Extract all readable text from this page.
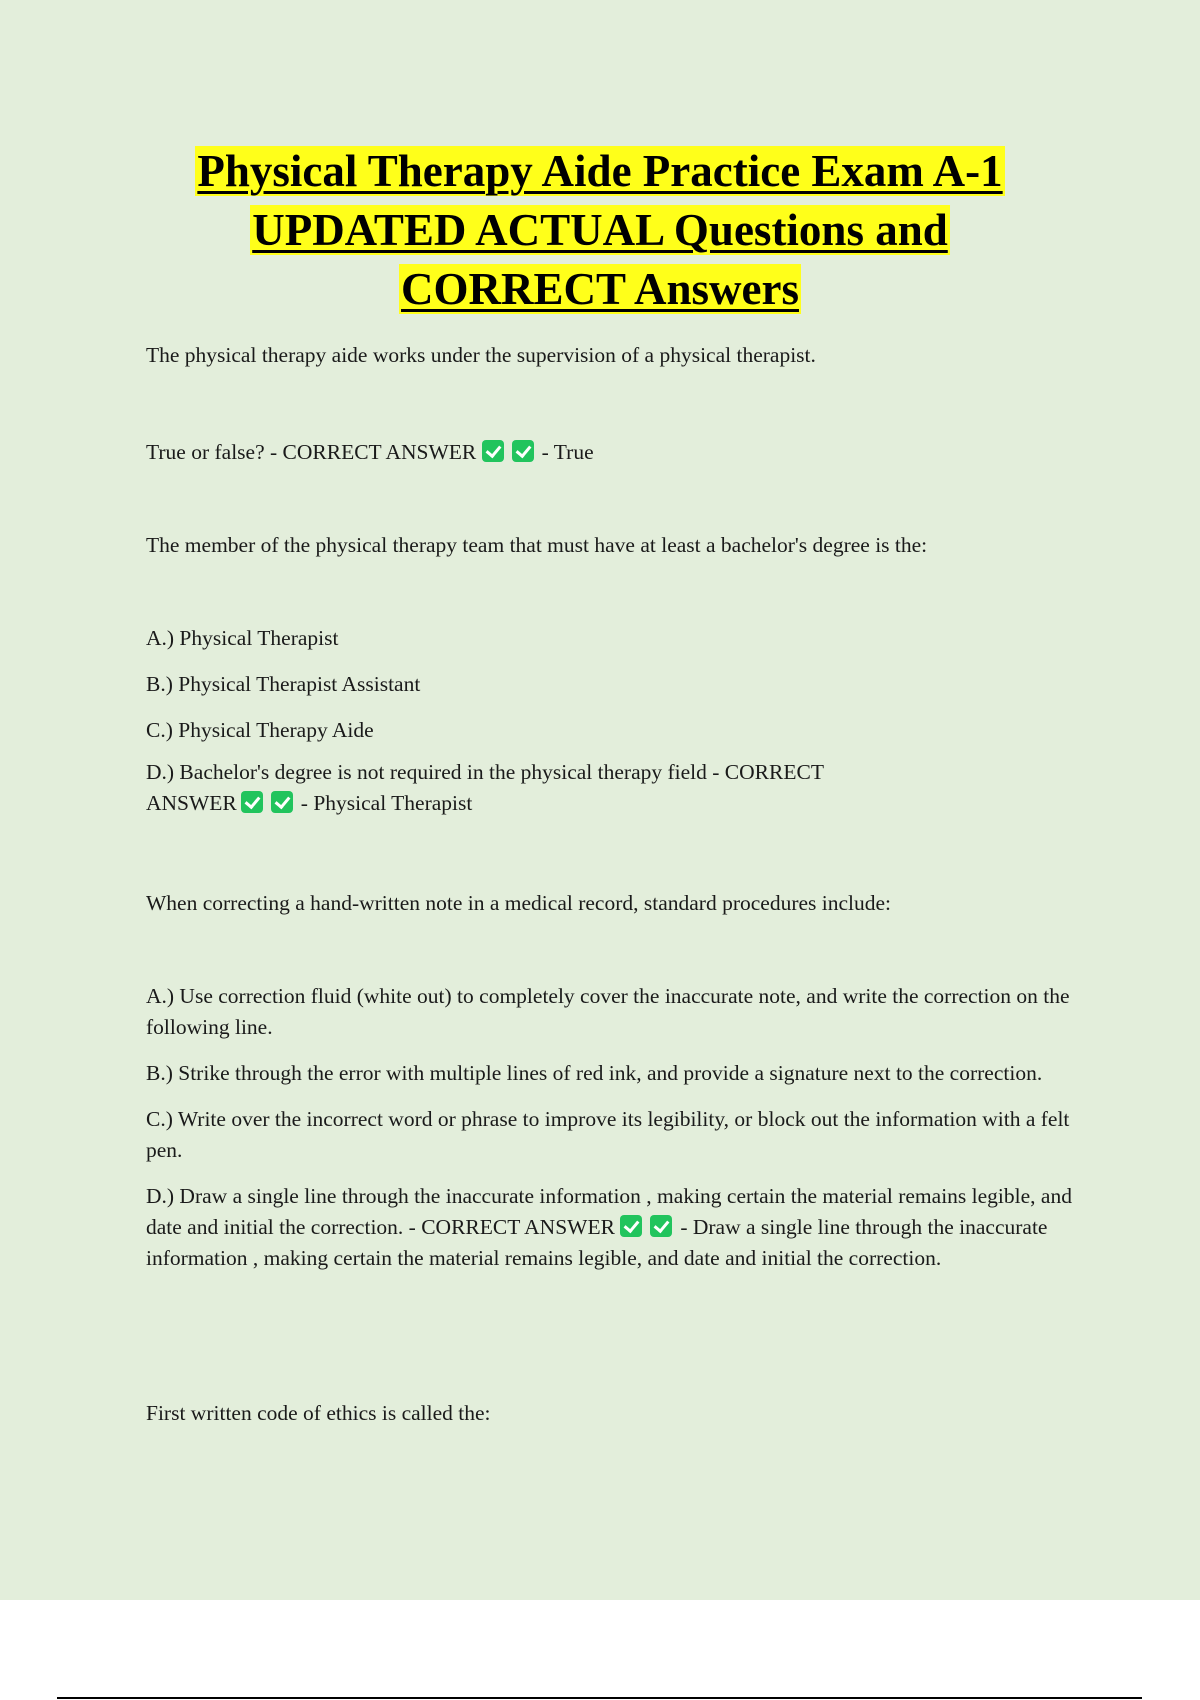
Physical Therapy Aide Practice Exam A-1
UPDATED ACTUAL Questions and
CORRECT Answers

The physical therapy aide works under the supervision of a physical therapist.

True or false? - CORRECT ANSWER	- True

The member of the physical therapy team that must have at least a bachelor's degree is the:

A.) Physical Therapist

B.) Physical Therapist Assistant

C.) Physical Therapy Aide

D.) Bachelor's degree is not required in the physical therapy field - CORRECT
ANSWER	- Physical Therapist

When correcting a hand-written note in a medical record, standard procedures include:

A.) Use correction fluid (white out) to completely cover the inaccurate note, and write the correction on the following line.

B.) Strike through the error with multiple lines of red ink, and provide a signature next to the correction.

C.) Write over the incorrect word or phrase to improve its legibility, or block out the information with a felt pen.

D.) Draw a single line through the inaccurate information , making certain the material remains legible, and date and initial the correction. - CORRECT ANSWER	- Draw a single line through the inaccurate information , making certain the material remains legible, and date and initial the correction.

First written code of ethics is called the:
